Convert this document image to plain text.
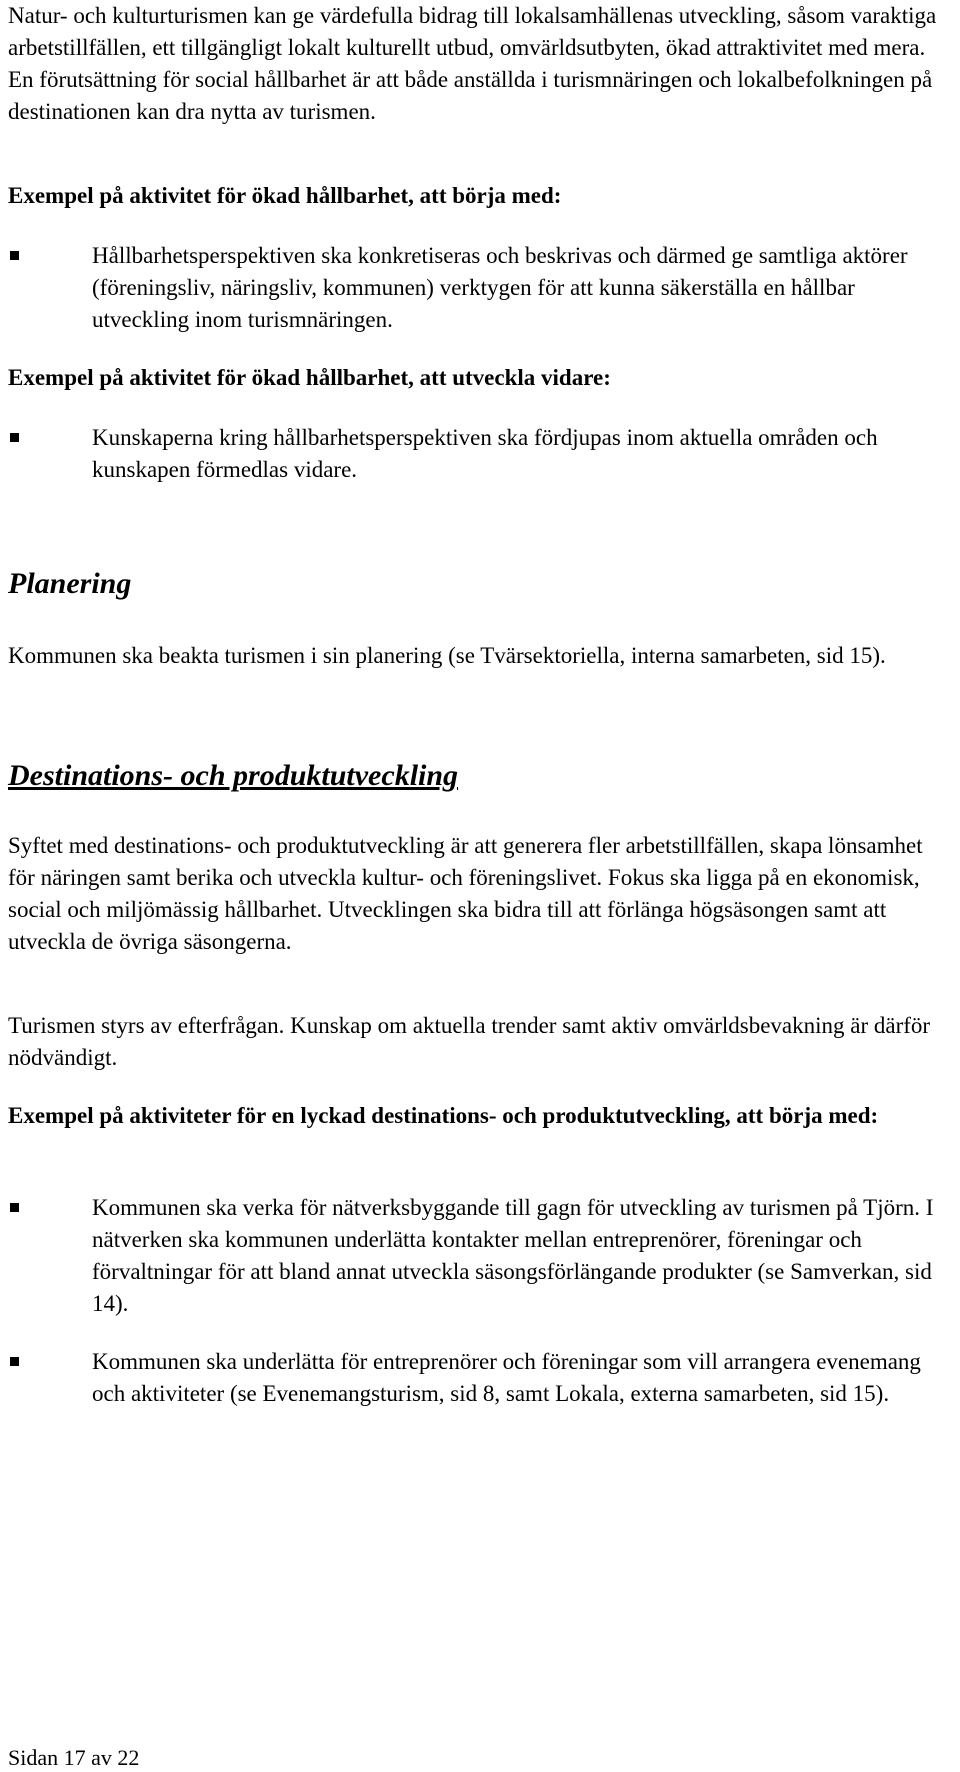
Natur- och kulturturismen kan ge värdefulla bidrag till lokalsamhällenas utveckling, såsom varaktiga arbetstillfällen, ett tillgängligt lokalt kulturellt utbud, omvärldsutbyten, ökad attraktivitet med mera. En förutsättning för social hållbarhet är att både anställda i turismnäringen och lokalbefolkningen på destinationen kan dra nytta av turismen.

Exempel på aktivitet för ökad hållbarhet, att börja med:

Hållbarhetsperspektiven ska konkretiseras och beskrivas och därmed ge samtliga aktörer (föreningsliv, näringsliv, kommunen) verktygen för att kunna säkerställa en hållbar utveckling inom turismnäringen.

Exempel på aktivitet för ökad hållbarhet, att utveckla vidare:

Kunskaperna kring hållbarhetsperspektiven ska fördjupas inom aktuella områden och kunskapen förmedlas vidare.

Planering

Kommunen ska beakta turismen i sin planering (se Tvärsektoriella, interna samarbeten, sid 15).

Destinations- och produktutveckling

Syftet med destinations- och produktutveckling är att generera fler arbetstillfällen, skapa lönsamhet för näringen samt berika och utveckla kultur- och föreningslivet. Fokus ska ligga på en ekonomisk, social och miljömässig hållbarhet. Utvecklingen ska bidra till att förlänga högsäsongen samt att utveckla de övriga säsongerna.

Turismen styrs av efterfrågan. Kunskap om aktuella trender samt aktiv omvärldsbevakning är därför nödvändigt.

Exempel på aktiviteter för en lyckad destinations- och produktutveckling, att börja med:

Kommunen ska verka för nätverksbyggande till gagn för utveckling av turismen på Tjörn. I nätverken ska kommunen underlätta kontakter mellan entreprenörer, föreningar och förvaltningar för att bland annat utveckla säsongsförlängande produkter (se Samverkan, sid 14).

Kommunen ska underlätta för entreprenörer och föreningar som vill arrangera evenemang och aktiviteter (se Evenemangsturism, sid 8, samt Lokala, externa samarbeten, sid 15).

Sidan 17 av 22
